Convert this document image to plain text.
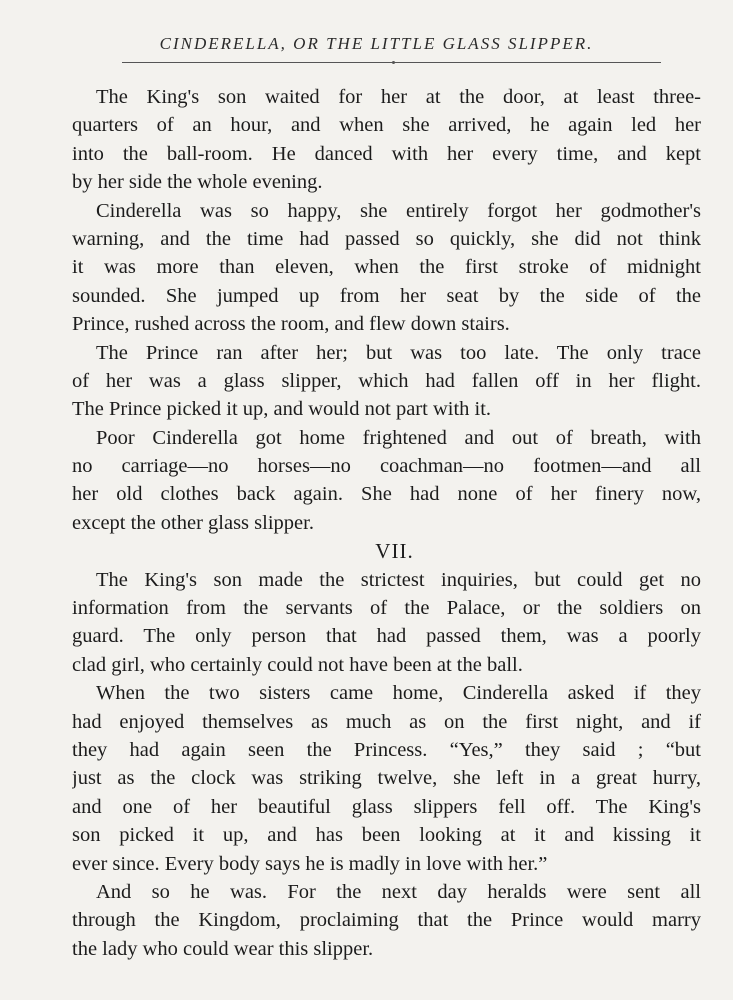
CINDERELLA, OR THE LITTLE GLASS SLIPPER.
The King's son waited for her at the door, at least three-
quarters of an hour, and when she arrived, he again led her
into the ball-room. He danced with her every time, and kept
by her side the whole evening.
Cinderella was so happy, she entirely forgot her godmother's
warning, and the time had passed so quickly, she did not think
it was more than eleven, when the first stroke of midnight
sounded. She jumped up from her seat by the side of the
Prince, rushed across the room, and flew down stairs.
The Prince ran after her; but was too late. The only trace
of her was a glass slipper, which had fallen off in her flight.
The Prince picked it up, and would not part with it.
Poor Cinderella got home frightened and out of breath, with
no carriage—no horses—no coachman—no footmen—and all
her old clothes back again. She had none of her finery now,
except the other glass slipper.
VII.
The King's son made the strictest inquiries, but could get no
information from the servants of the Palace, or the soldiers on
guard. The only person that had passed them, was a poorly
clad girl, who certainly could not have been at the ball.
When the two sisters came home, Cinderella asked if they
had enjoyed themselves as much as on the first night, and if
they had again seen the Princess. “Yes,” they said ; “but
just as the clock was striking twelve, she left in a great hurry,
and one of her beautiful glass slippers fell off. The King's
son picked it up, and has been looking at it and kissing it
ever since. Every body says he is madly in love with her.”
And so he was. For the next day heralds were sent all
through the Kingdom, proclaiming that the Prince would marry
the lady who could wear this slipper.
